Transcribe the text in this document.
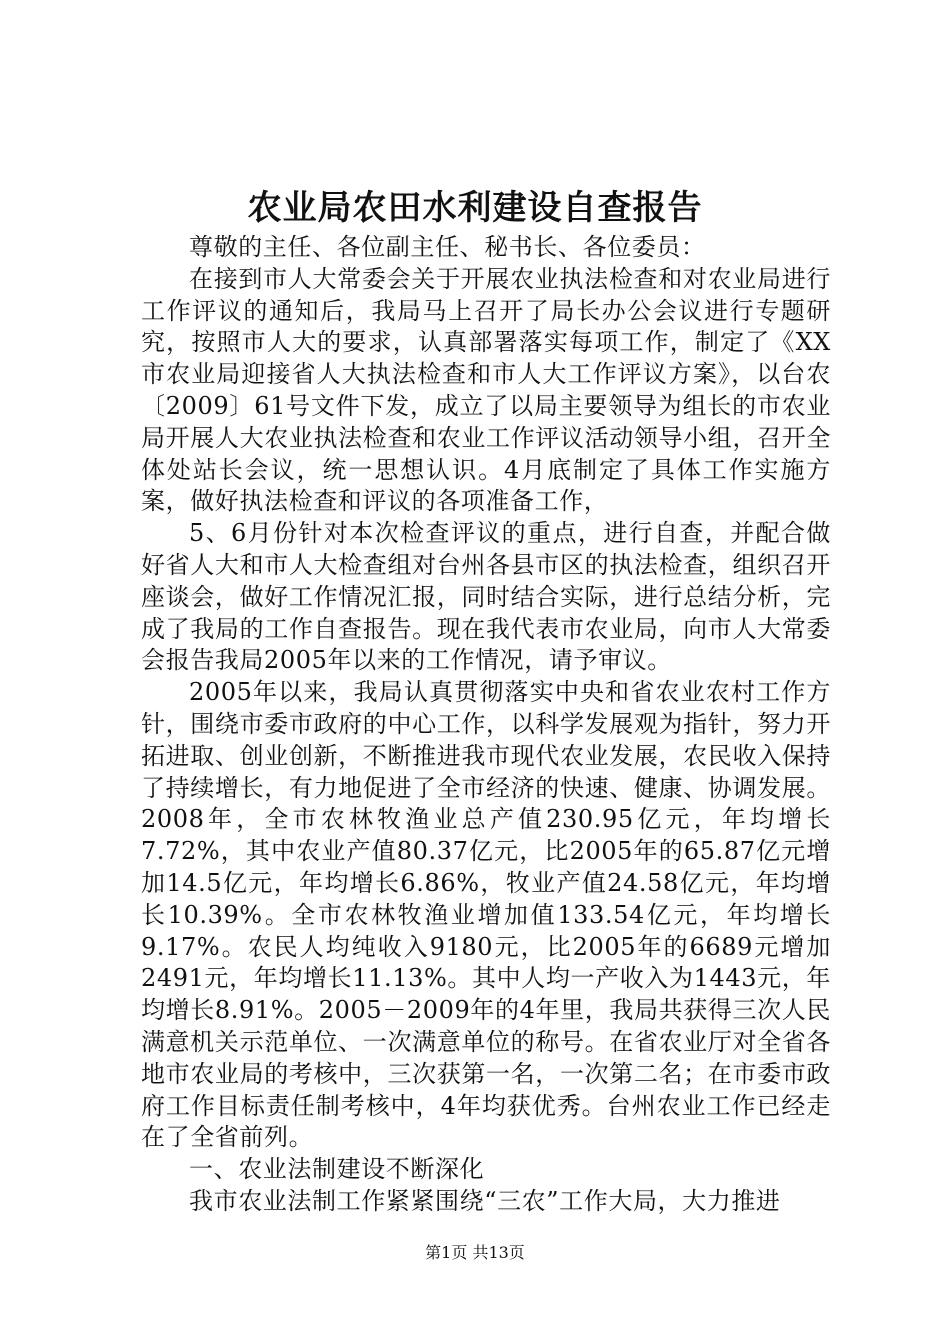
农业局农田水利建设自查报告

尊敬的主任、各位副主任、秘书长、各位委员：

在接到市人大常委会关于开展农业执法检查和对农业局进行工作评议的通知后，我局马上召开了局长办公会议进行专题研究，按照市人大的要求，认真部署落实每项工作，制定了《XX市农业局迎接省人大执法检查和市人大工作评议方案》，以台农〔2009〕61号文件下发，成立了以局主要领导为组长的市农业局开展人大农业执法检查和农业工作评议活动领导小组，召开全体处站长会议，统一思想认识。4月底制定了具体工作实施方案，做好执法检查和评议的各项准备工作，

5、6月份针对本次检查评议的重点，进行自查，并配合做好省人大和市人大检查组对台州各县市区的执法检查，组织召开座谈会，做好工作情况汇报，同时结合实际，进行总结分析，完成了我局的工作自查报告。现在我代表市农业局，向市人大常委会报告我局2005年以来的工作情况，请予审议。

2005年以来，我局认真贯彻落实中央和省农业农村工作方针，围绕市委市政府的中心工作，以科学发展观为指针，努力开拓进取、创业创新，不断推进我市现代农业发展，农民收入保持了持续增长，有力地促进了全市经济的快速、健康、协调发展。2008年，全市农林牧渔业总产值230.95亿元，年均增长7.72%，其中农业产值80.37亿元，比2005年的65.87亿元增加14.5亿元，年均增长6.86%，牧业产值24.58亿元，年均增长10.39%。全市农林牧渔业增加值133.54亿元，年均增长9.17%。农民人均纯收入9180元，比2005年的6689元增加2491元，年均增长11.13%。其中人均一产收入为1443元，年均增长8.91%。2005－2009年的4年里，我局共获得三次人民满意机关示范单位、一次满意单位的称号。在省农业厅对全省各地市农业局的考核中，三次获第一名，一次第二名；在市委市政府工作目标责任制考核中，4年均获优秀。台州农业工作已经走在了全省前列。

一、农业法制建设不断深化

我市农业法制工作紧紧围绕“三农”工作大局，大力推进

第1页 共13页
